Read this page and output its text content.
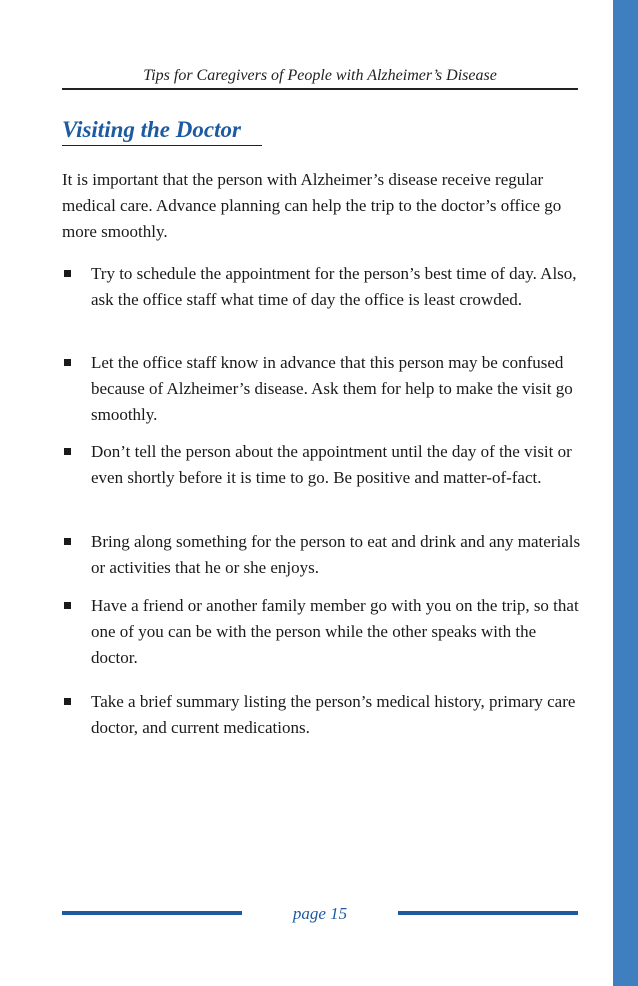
Tips for Caregivers of People with Alzheimer’s Disease
Visiting the Doctor
It is important that the person with Alzheimer’s disease receive regular medical care. Advance planning can help the trip to the doctor’s office go more smoothly.
Try to schedule the appointment for the person’s best time of day. Also, ask the office staff what time of day the office is least crowded.
Let the office staff know in advance that this person may be confused because of Alzheimer’s disease. Ask them for help to make the visit go smoothly.
Don’t tell the person about the appointment until the day of the visit or even shortly before it is time to go. Be positive and matter-of-fact.
Bring along something for the person to eat and drink and any materials or activities that he or she enjoys.
Have a friend or another family member go with you on the trip, so that one of you can be with the person while the other speaks with the doctor.
Take a brief summary listing the person’s medical history, primary care doctor, and current medications.
page 15
